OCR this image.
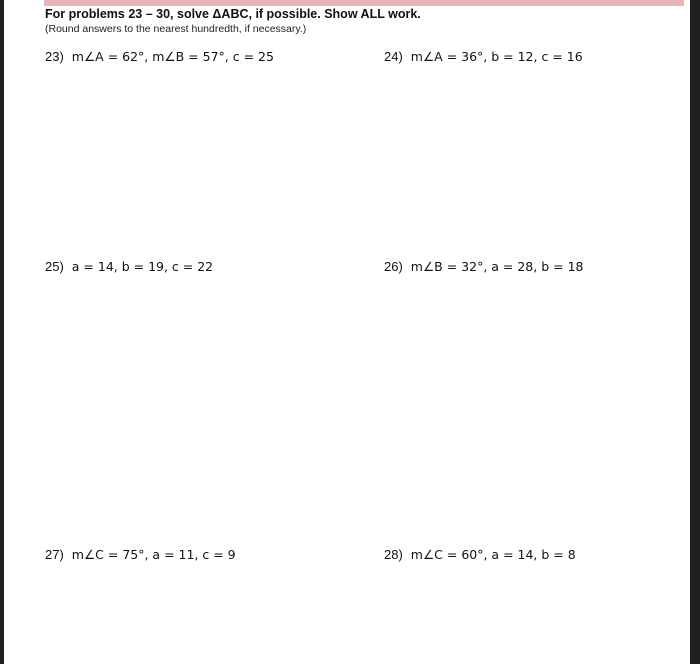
For problems 23 – 30, solve ΔABC, if possible. Show ALL work.
(Round answers to the nearest hundredth, if necessary.)
23) m∠A = 62°, m∠B = 57°, c = 25	24) m∠A = 36°, b = 12, c = 16
25) a = 14, b = 19, c = 22	26) m∠B = 32°, a = 28, b = 18
27) m∠C = 75°, a = 11, c = 9	28) m∠C = 60°, a = 14, b = 8
